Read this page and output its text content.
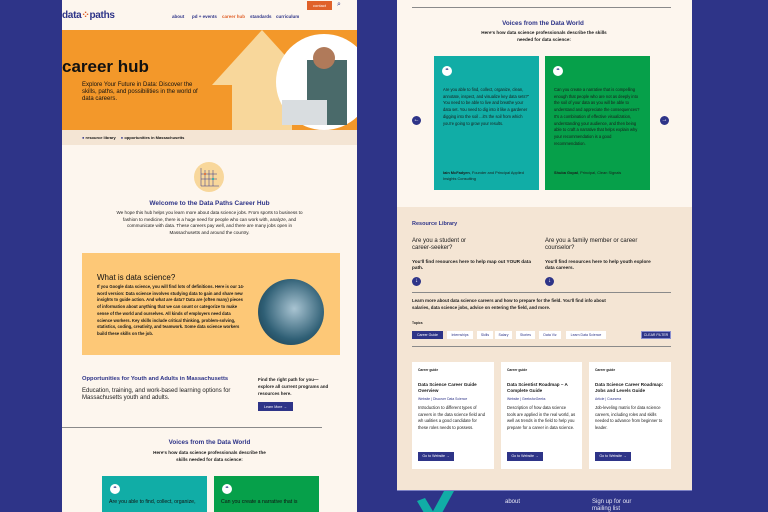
data⁘paths	about pd + events career hub standards curriculum
contact	⌕
career hub
Explore Your Future in Data: Discover the skills, paths, and possibilities in the world of data careers.
● resource library ● opportunities in Massachusetts
Welcome to the Data Paths Career Hub
We hope this hub helps you learn more about data science jobs. From sports to business to fashion to medicine, there is a huge need for people who can work with, analyze, and communicate with data. These careers pay well, and there are many jobs open in Massachusetts and around the country.
What is data science?
If you Google data science, you will find lots of definitions. Here is our 14-word version: Data science involves studying data to gain and share new insights to guide action. And what are data? Data are (often many) pieces of information about anything that we can count or categorize to make sense of the world and ourselves. All kinds of employers need data science workers. Key skills include critical thinking, problem-solving, statistics, coding, creativity, and teamwork. Some data science workers build these skills on the job.
Opportunities for Youth and Adults in Massachusetts
Education, training, and work-based learning options for Massachusetts youth and adults.
Find the right path for you—explore all current programs and resources here.
Learn More →
Voices from the Data World
Here's how data science professionals describe the skills needed for data science:
“
Are you able to find, collect, organize,
“
Can you create a narrative that is
Voices from the Data World
Here's how data science professionals describe the skills needed for data science:
←	→
“
Are you able to find, collect, organize, clean, annotate, inspect, and visualize key data sets?" You need to be able to live and breathe your data set. You need to dig into it like a gardener digging into the soil ...it's the soil from which you're going to grow your results.
Iain McFadyen, Founder and Principal Applied Insights Consulting
“
Can you create a narrative that is compelling enough that people who are not as deeply into the soil of your data as you will be able to understand and appreciate the consequences? It's a combination of effective visualization, understanding your audience, and then being able to craft a narrative that helps explain why your recommendation is a good recommendation.
Shuba Gopal, Principal, Clean Signals
Resource Library
Are you a student or career-seeker?
You'll find resources here to help map out YOUR data path.
↓
Are you a family member or career counselor?
You'll find resources here to help youth explore data careers.
↓
Learn more about data science careers and how to prepare for the field. You'll find info about salaries, data science jobs, advice on entering the field, and more.
Topics
Career Guide	Internships	Skills	Salary	Stories	Data Viz	Learn Data Science	CLEAR FILTER
Career guide
Data Science Career Guide Overview
Website | Discover Data Science
Introduction to different types of careers in the data science field and wh ualities a good candidate for these roles needs to possess.
Go to Website →
Career guide
Data Scientist Roadmap – A Complete Guide
Website | GeeksforGeeks
Description of how data science tools are applied in the real world, as well as trends in the field to help you prepare for a career in data science.
Go to Website →
Career guide
Data Science Career Roadmap: Jobs and Levels Guide
Article | Coursera
Job-leveling matrix for data science careers, including roles and skills needed to advance from beginner to leader.
Go to Website →
about	Sign up for our mailing list
